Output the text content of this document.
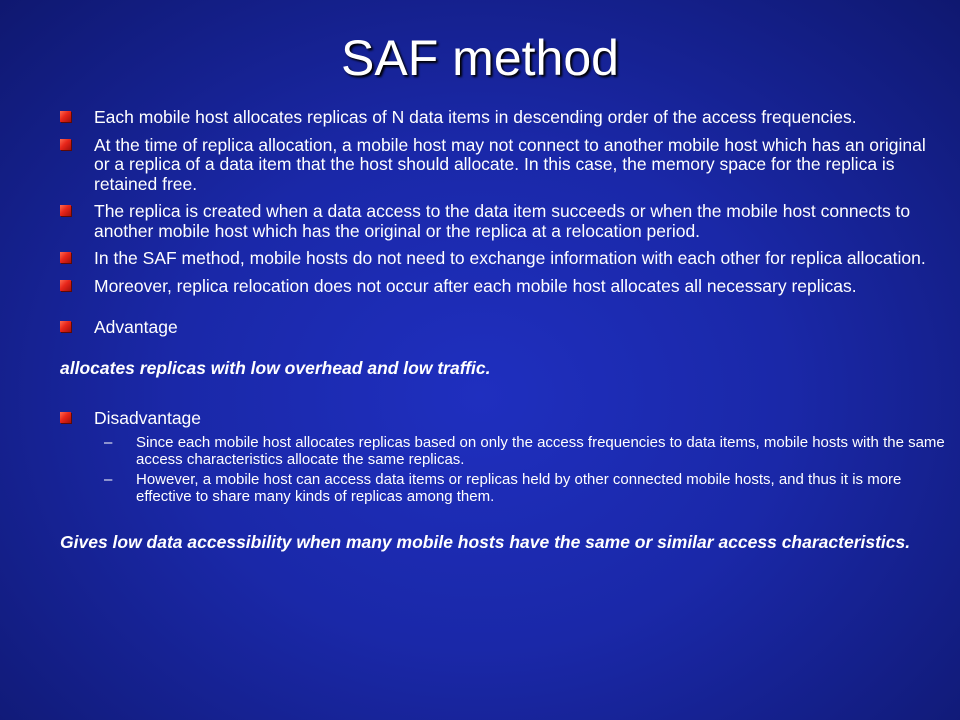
SAF method
Each mobile host allocates replicas of N data items in descending order of the access frequencies.
At the time of replica allocation, a mobile host may not connect to another mobile host which has an original or a replica of a data item that the host should allocate. In this case, the memory space for the replica is retained free.
The replica is created when a data access to the data item succeeds or when the mobile host connects to another mobile host which has the original or the replica at a relocation period.
In the SAF method, mobile hosts do not need to exchange information with each other for replica allocation.
Moreover, replica relocation does not occur after each mobile host allocates all necessary replicas.
Advantage

allocates replicas with low overhead and low traffic.

Disadvantage
– Since each mobile host allocates replicas based on only the access frequencies to data items, mobile hosts with the same access characteristics allocate the same replicas.
– However, a mobile host can access data items or replicas held by other connected mobile hosts, and thus it is more effective to share many kinds of replicas among them.

Gives low data accessibility when many mobile hosts have the same or similar access characteristics.
